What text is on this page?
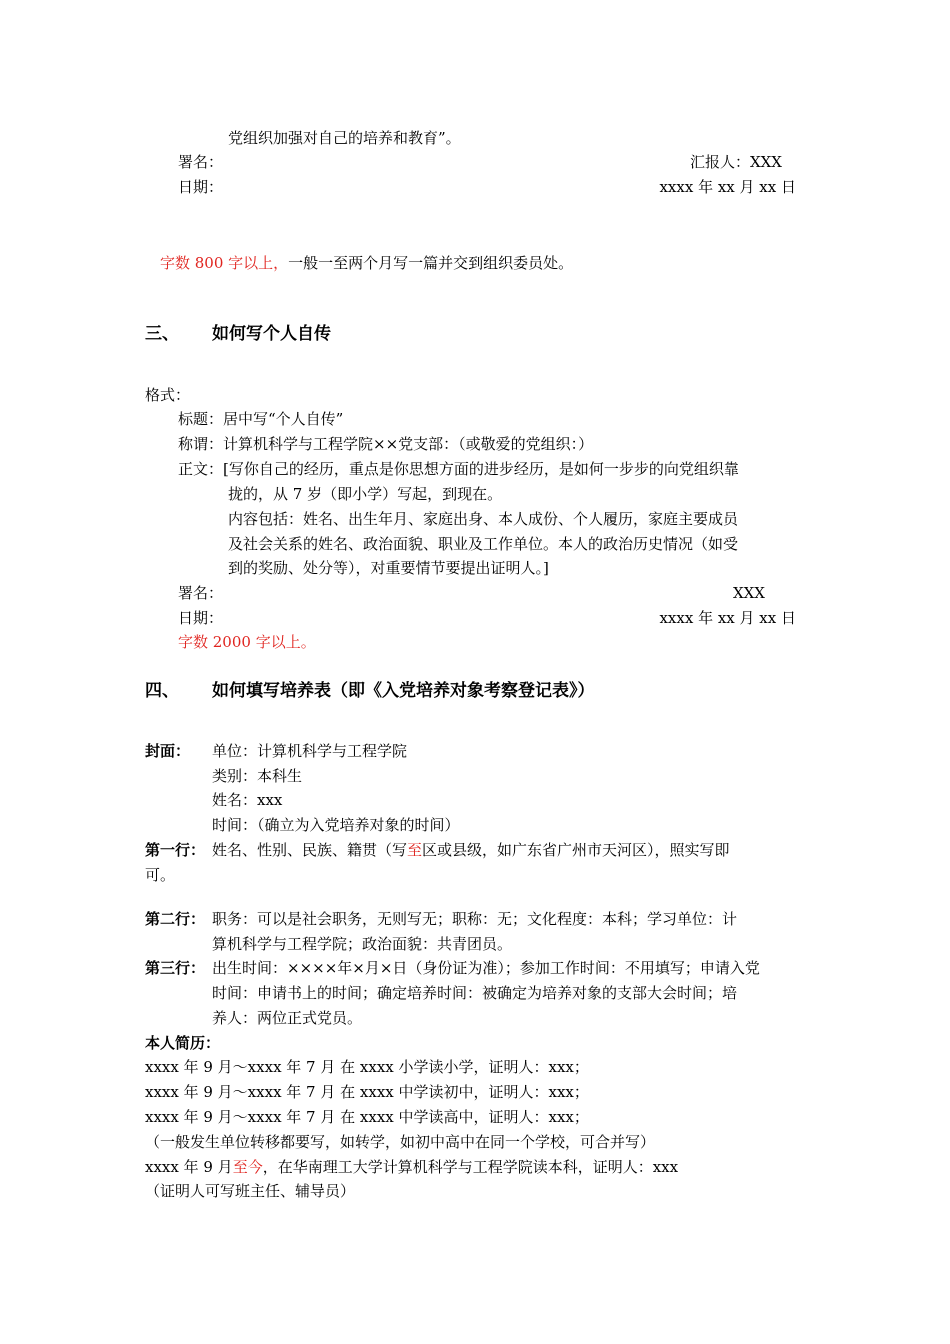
党组织加强对自己的培养和教育”。
署名：	汇报人：XXX
日期：	xxxx 年 xx 月 xx 日
字数 800 字以上，一般一至两个月写一篇并交到组织委员处。
三、 如何写个人自传
格式：
标题：居中写“个人自传”
称谓：计算机科学与工程学院××党支部：（或敬爱的党组织：）
正文：[写你自己的经历，重点是你思想方面的进步经历，是如何一步步的向党组织靠
拢的，从 7 岁（即小学）写起，到现在。
内容包括：姓名、出生年月、家庭出身、本人成份、个人履历，家庭主要成员
及社会关系的姓名、政治面貌、职业及工作单位。本人的政治历史情况（如受
到的奖励、处分等），对重要情节要提出证明人。]
署名：	XXX
日期：	xxxx 年 xx 月 xx 日
字数 2000 字以上。
四、 如何填写培养表（即《入党培养对象考察登记表》）
封面： 单位：计算机科学与工程学院
类别：本科生
姓名：xxx
时间：（确立为入党培养对象的时间）
第一行： 姓名、性别、民族、籍贯（写至区或县级，如广东省广州市天河区），照实写即
可。
第二行： 职务：可以是社会职务，无则写无；职称：无；文化程度：本科；学习单位：计
算机科学与工程学院；政治面貌：共青团员。
第三行： 出生时间：××××年×月×日（身份证为准）；参加工作时间：不用填写；申请入党
时间：申请书上的时间；确定培养时间：被确定为培养对象的支部大会时间；培
养人：两位正式党员。
本人简历：
xxxx 年 9 月～xxxx 年 7 月 在 xxxx 小学读小学，证明人：xxx；
xxxx 年 9 月～xxxx 年 7 月 在 xxxx 中学读初中，证明人：xxx；
xxxx 年 9 月～xxxx 年 7 月 在 xxxx 中学读高中，证明人：xxx；
（一般发生单位转移都要写，如转学，如初中高中在同一个学校，可合并写）
xxxx 年 9 月至今，在华南理工大学计算机科学与工程学院读本科，证明人：xxx
（证明人可写班主任、辅导员）
